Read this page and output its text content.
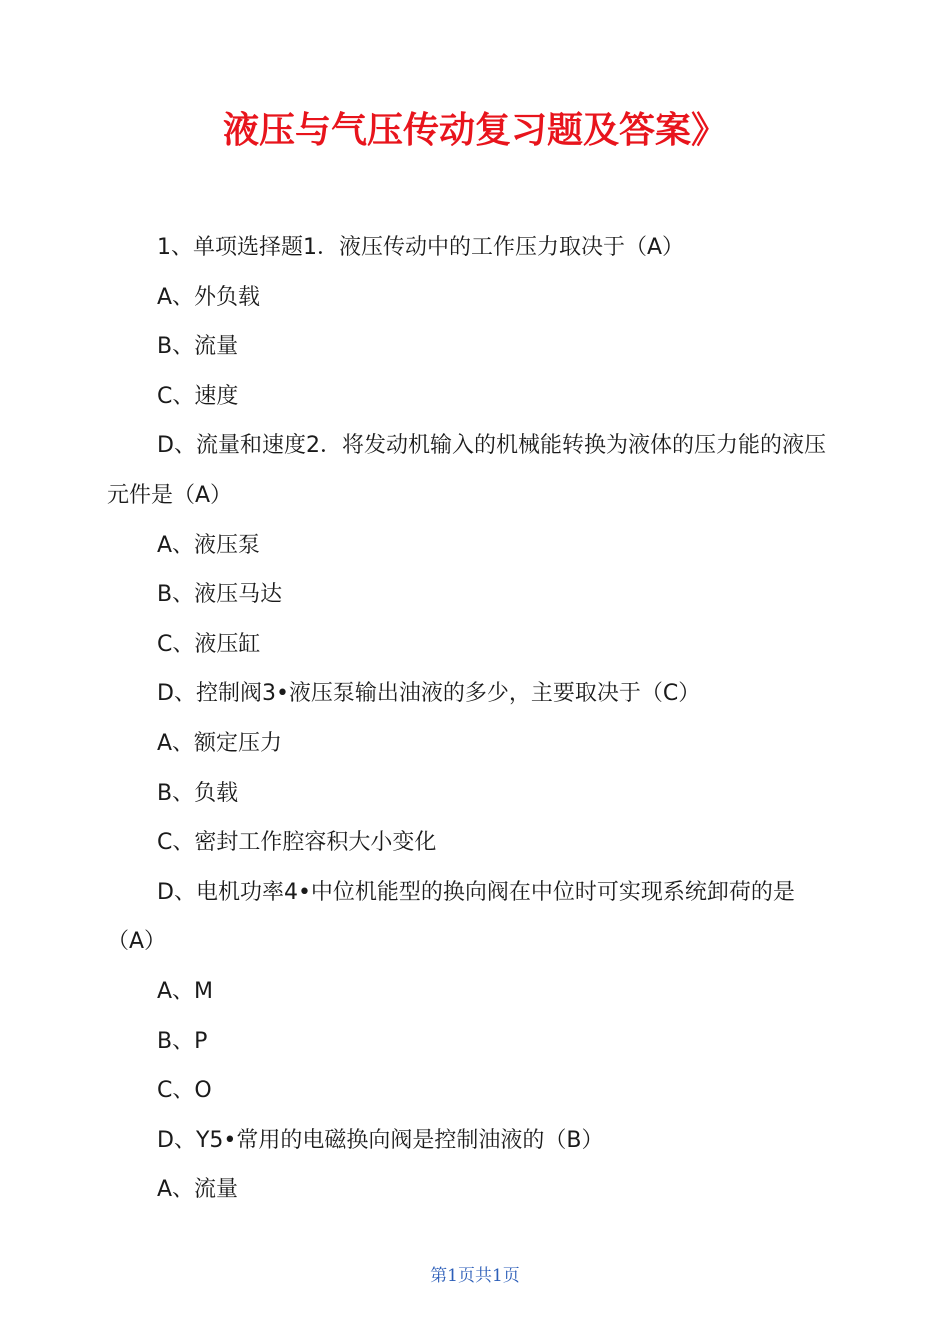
液压与气压传动复习题及答案》

1、单项选择题1．液压传动中的工作压力取决于（A）

A、外负载

B、流量

C、速度

D、流量和速度2．将发动机输入的机械能转换为液体的压力能的液压元件是（A）

A、液压泵

B、液压马达

C、液压缸

D、控制阀3•液压泵输出油液的多少，主要取决于（C）

A、额定压力

B、负载

C、密封工作腔容积大小变化

D、电机功率4•中位机能型的换向阀在中位时可实现系统卸荷的是（A）

A、M

B、P

C、O

D、Y5•常用的电磁换向阀是控制油液的（B）

A、流量

第1页共1页
